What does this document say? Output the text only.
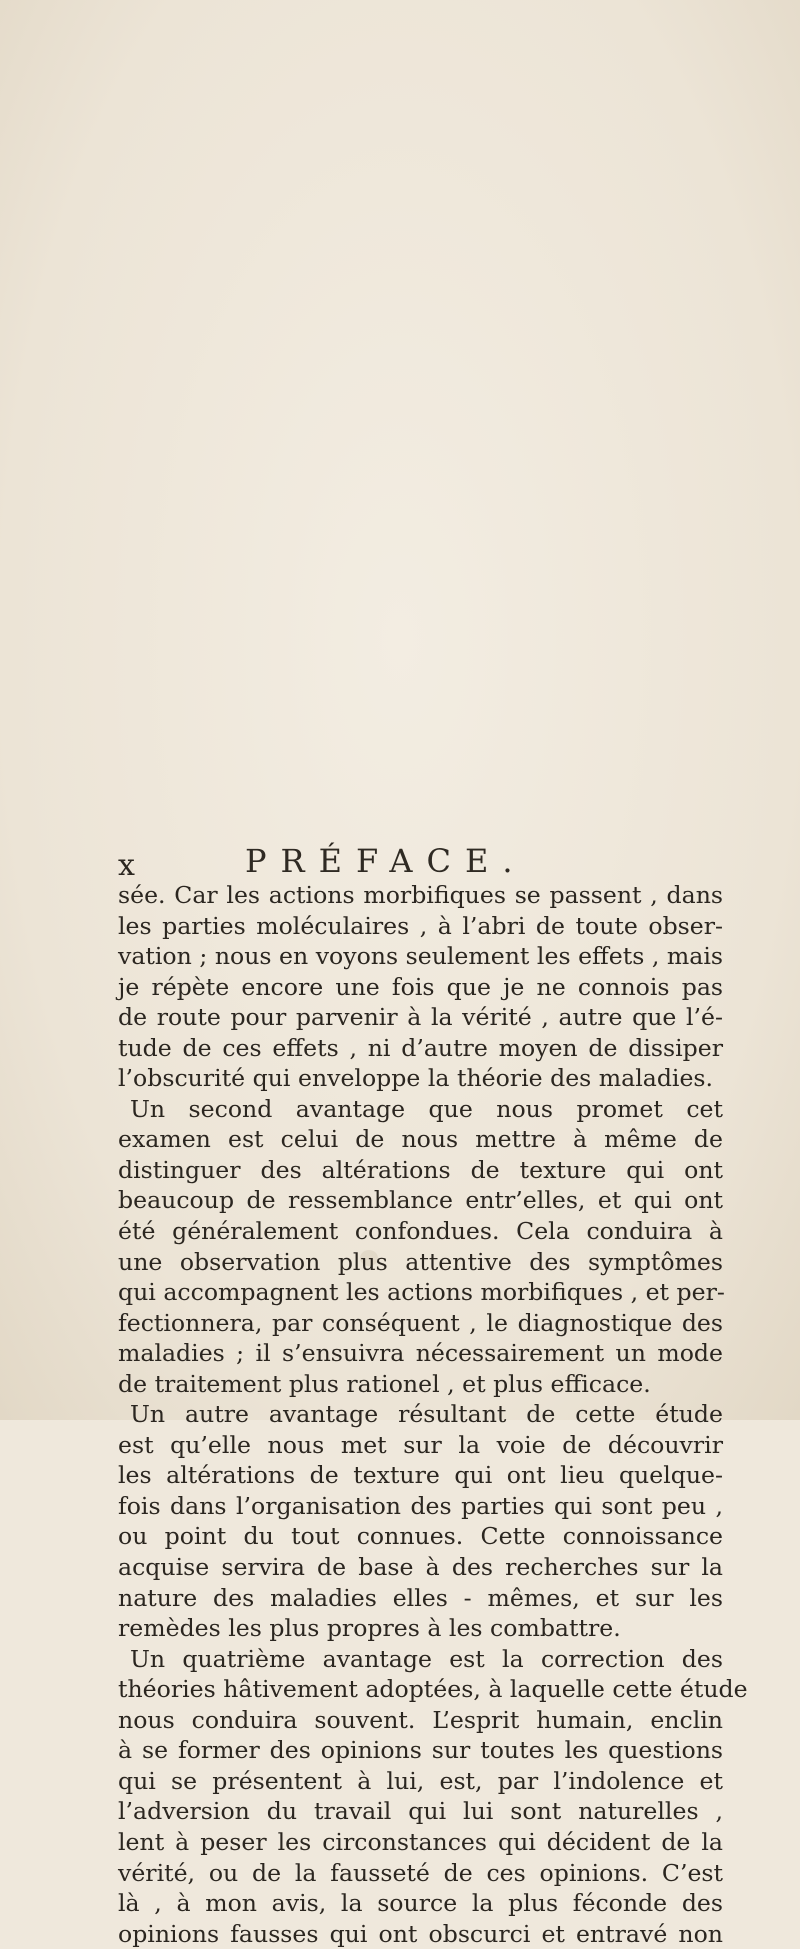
x	PRÉFACE.
sée. Car les actions morbifiques se passent , dans
les parties moléculaires , à l’abri de toute obser-
vation ; nous en voyons seulement les effets , mais
je répète encore une fois que je ne connois pas
de route pour parvenir à la vérité , autre que l’é-
tude de ces effets , ni d’autre moyen de dissiper
l’obscurité qui enveloppe la théorie des maladies.
Un second avantage que nous promet cet
examen est celui de nous mettre à même de
distinguer des altérations de texture qui ont
beaucoup de ressemblance entr’elles, et qui ont
été généralement confondues. Cela conduira à
une observation plus attentive des symptômes
qui accompagnent les actions morbifiques , et per-
fectionnera, par conséquent , le diagnostique des
maladies ; il s’ensuivra nécessairement un mode
de traitement plus rationel , et plus efficace.
Un autre avantage résultant de cette étude
est qu’elle nous met sur la voie de découvrir
les altérations de texture qui ont lieu quelque-
fois dans l’organisation des parties qui sont peu ,
ou point du tout connues. Cette connoissance
acquise servira de base à des recherches sur la
nature des maladies elles - mêmes, et sur les
remèdes les plus propres à les combattre.
Un quatrième avantage est la correction des
théories hâtivement adoptées, à laquelle cette étude
nous conduira souvent. L’esprit humain, enclin
à se former des opinions sur toutes les questions
qui se présentent à lui, est, par l’indolence et
l’adversion du travail qui lui sont naturelles ,
lent à peser les circonstances qui décident de la
vérité, ou de la fausseté de ces opinions. C’est
là , à mon avis, la source la plus féconde des
opinions fausses qui ont obscurci et entravé non
